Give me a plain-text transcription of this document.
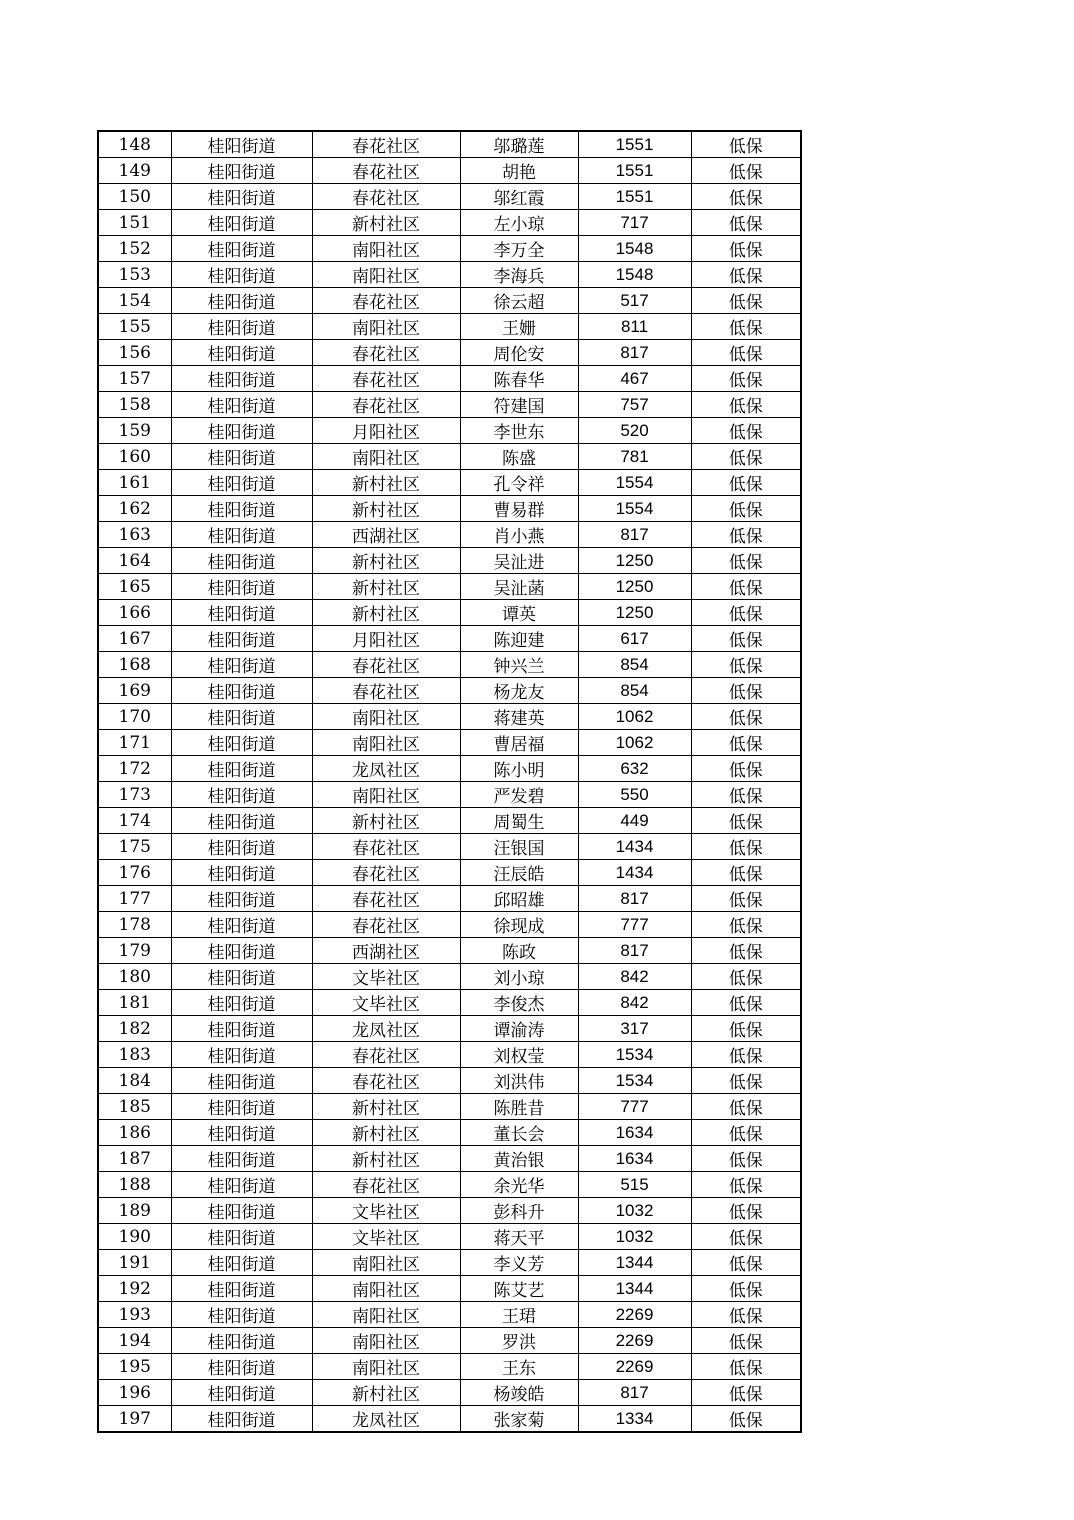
148	桂阳街道	春花社区	邬璐莲	1551	低保
149	桂阳街道	春花社区	胡艳	1551	低保
150	桂阳街道	春花社区	邬红霞	1551	低保
151	桂阳街道	新村社区	左小琼	717	低保
152	桂阳街道	南阳社区	李万全	1548	低保
153	桂阳街道	南阳社区	李海兵	1548	低保
154	桂阳街道	春花社区	徐云超	517	低保
155	桂阳街道	南阳社区	王姗	811	低保
156	桂阳街道	春花社区	周伦安	817	低保
157	桂阳街道	春花社区	陈春华	467	低保
158	桂阳街道	春花社区	符建国	757	低保
159	桂阳街道	月阳社区	李世东	520	低保
160	桂阳街道	南阳社区	陈盛	781	低保
161	桂阳街道	新村社区	孔令祥	1554	低保
162	桂阳街道	新村社区	曹易群	1554	低保
163	桂阳街道	西湖社区	肖小燕	817	低保
164	桂阳街道	新村社区	吴沚进	1250	低保
165	桂阳街道	新村社区	吴沚菡	1250	低保
166	桂阳街道	新村社区	谭英	1250	低保
167	桂阳街道	月阳社区	陈迎建	617	低保
168	桂阳街道	春花社区	钟兴兰	854	低保
169	桂阳街道	春花社区	杨龙友	854	低保
170	桂阳街道	南阳社区	蒋建英	1062	低保
171	桂阳街道	南阳社区	曹居福	1062	低保
172	桂阳街道	龙凤社区	陈小明	632	低保
173	桂阳街道	南阳社区	严发碧	550	低保
174	桂阳街道	新村社区	周蜀生	449	低保
175	桂阳街道	春花社区	汪银国	1434	低保
176	桂阳街道	春花社区	汪辰皓	1434	低保
177	桂阳街道	春花社区	邱昭雄	817	低保
178	桂阳街道	春花社区	徐现成	777	低保
179	桂阳街道	西湖社区	陈政	817	低保
180	桂阳街道	文毕社区	刘小琼	842	低保
181	桂阳街道	文毕社区	李俊杰	842	低保
182	桂阳街道	龙凤社区	谭渝涛	317	低保
183	桂阳街道	春花社区	刘权莹	1534	低保
184	桂阳街道	春花社区	刘洪伟	1534	低保
185	桂阳街道	新村社区	陈胜昔	777	低保
186	桂阳街道	新村社区	董长会	1634	低保
187	桂阳街道	新村社区	黄治银	1634	低保
188	桂阳街道	春花社区	余光华	515	低保
189	桂阳街道	文毕社区	彭科升	1032	低保
190	桂阳街道	文毕社区	蒋天平	1032	低保
191	桂阳街道	南阳社区	李义芳	1344	低保
192	桂阳街道	南阳社区	陈艾艺	1344	低保
193	桂阳街道	南阳社区	王珺	2269	低保
194	桂阳街道	南阳社区	罗洪	2269	低保
195	桂阳街道	南阳社区	王东	2269	低保
196	桂阳街道	新村社区	杨竣皓	817	低保
197	桂阳街道	龙凤社区	张家菊	1334	低保
